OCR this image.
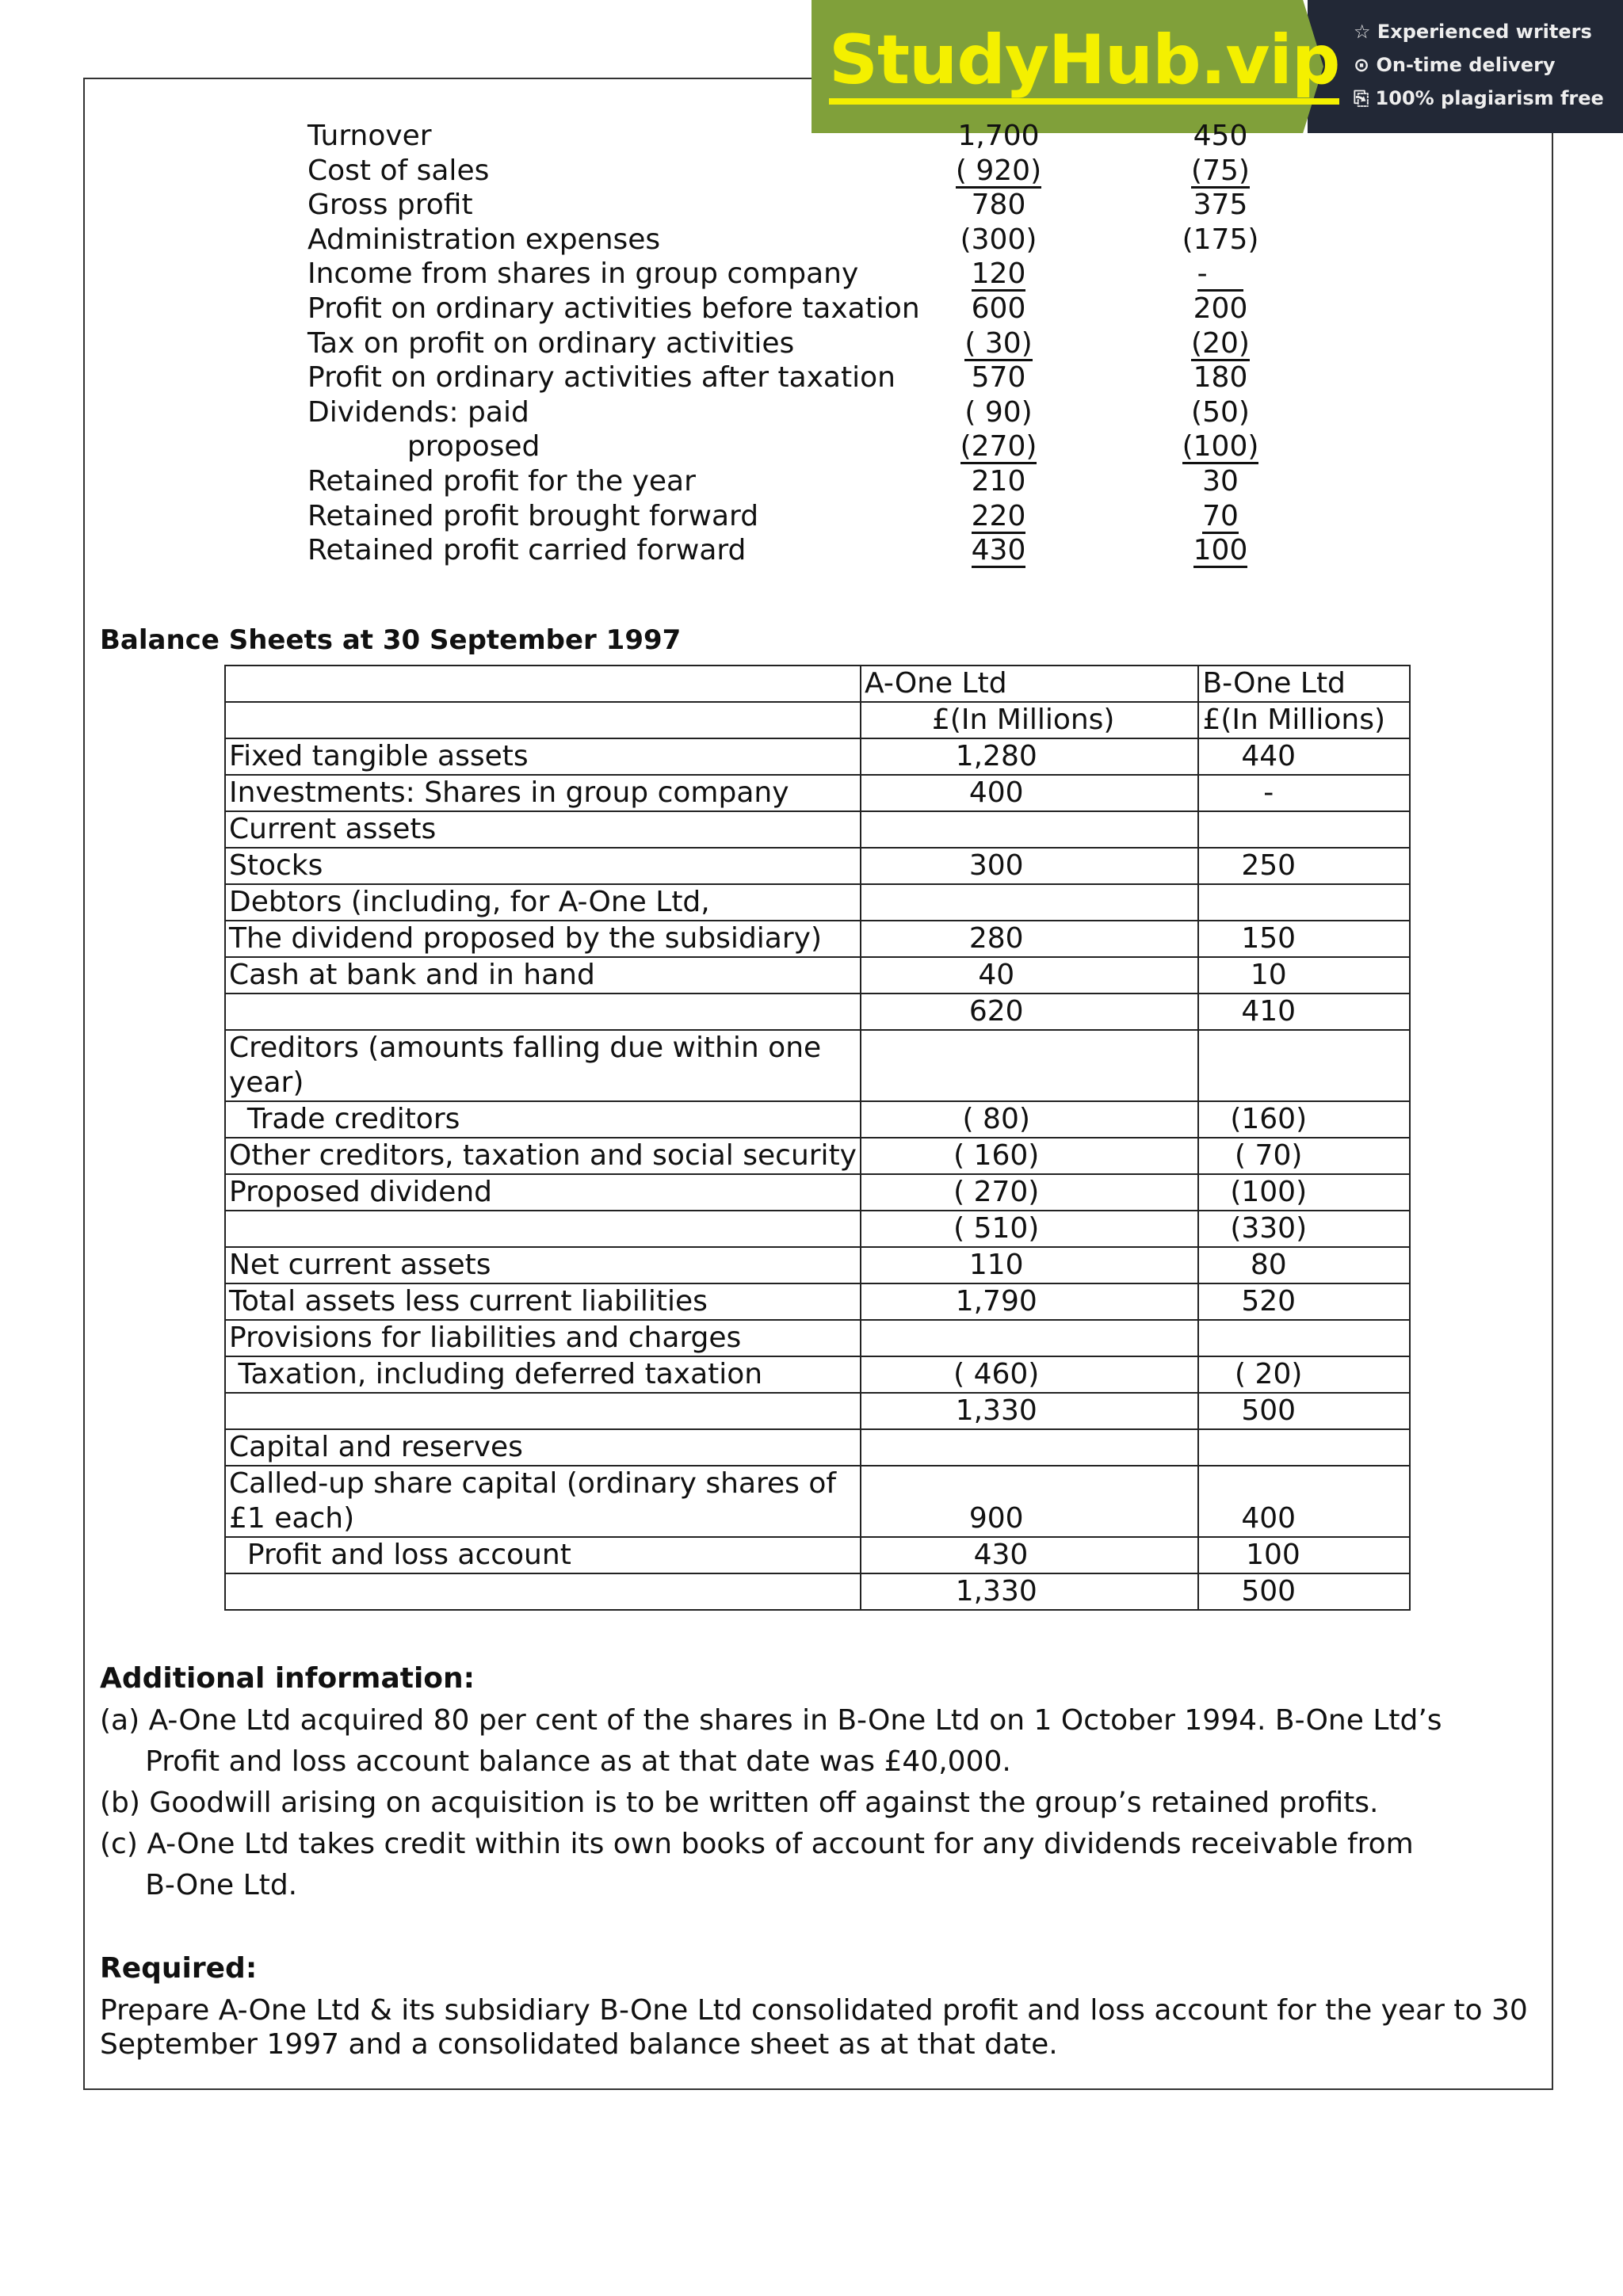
StudyHub.vip ☆ Experienced writers
⊙ On-time delivery
⎘ 100% plagiarism free
Turnover	1,700	450
Cost of sales	( 920)	(75)
Gross profit	780	375
Administration expenses	(300)	(175)
Income from shares in group company	120	-
Profit on ordinary activities before taxation	600	200
Tax on profit on ordinary activities	( 30)	(20)
Profit on ordinary activities after taxation	570	180
Dividends: paid	( 90)	(50)
proposed	(270)	(100)
Retained profit for the year	210	30
Retained profit brought forward	220	70
Retained profit carried forward	430	100
Balance Sheets at 30 September 1997
	A-One Ltd	B-One Ltd
	£(In Millions)	£(In Millions)
Fixed tangible assets	1,280	440
Investments: Shares in group company	400	-
Current assets		
Stocks	300	250
Debtors (including, for A-One Ltd,		
The dividend proposed by the subsidiary)	280	150
Cash at bank and in hand	40	10
	620	410
Creditors (amounts falling due within one
year)		
Trade creditors	( 80)	(160)
Other creditors, taxation and social security	( 160)	( 70)
Proposed dividend	( 270)	(100)
	( 510)	(330)
Net current assets	110	80
Total assets less current liabilities	1,790	520
Provisions for liabilities and charges		
Taxation, including deferred taxation	( 460)	( 20)
	1,330	500
Capital and reserves		
Called-up share capital (ordinary shares of
£1 each)	900	400
Profit and loss account	430	100
	1,330	500
Additional information:
(a) A-One Ltd acquired 80 per cent of the shares in B-One Ltd on 1 October 1994. B-One Ltd’s
Profit and loss account balance as at that date was £40,000.
(b) Goodwill arising on acquisition is to be written off against the group’s retained profits.
(c) A-One Ltd takes credit within its own books of account for any dividends receivable from
B-One Ltd.
Required:
Prepare A-One Ltd & its subsidiary B-One Ltd consolidated profit and loss account for the year to 30
September 1997 and a consolidated balance sheet as at that date.
